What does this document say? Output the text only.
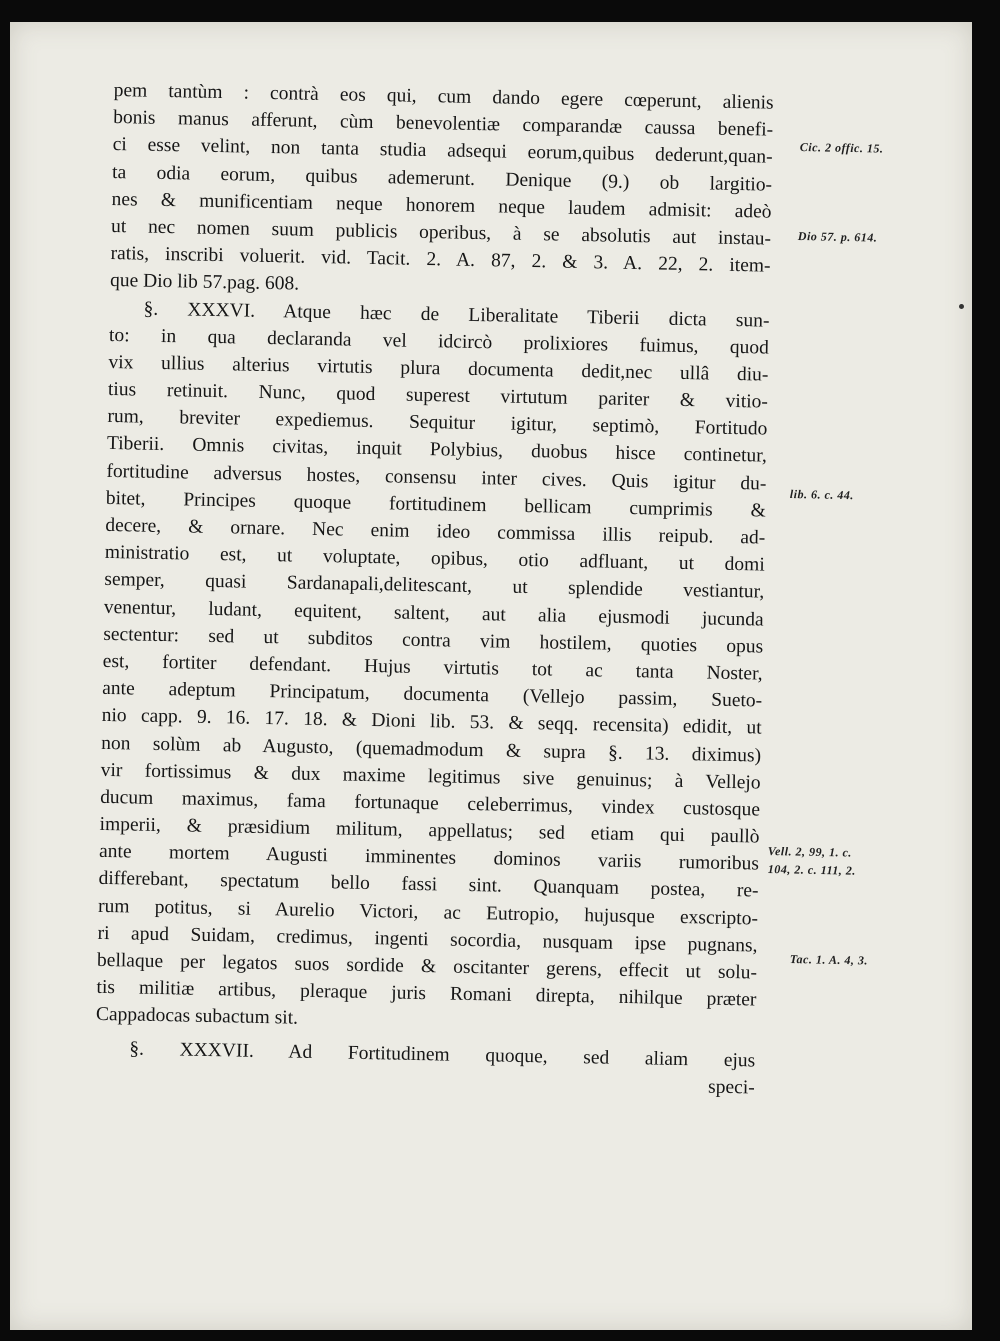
pem tantùm : contrà eos qui, cum dando egere cœperunt, alienis
bonis manus afferunt, cùm benevolentiæ comparandæ caussa benefi-
ci esse velint, non tanta studia adsequi eorum,quibus dederunt,quan-
ta odia eorum, quibus ademerunt. Denique (9.) ob largitio-
nes & munificentiam neque honorem neque laudem admisit: adeò
ut nec nomen suum publicis operibus, à se absolutis aut instau-
ratis, inscribi voluerit. vid. Tacit. 2. A. 87, 2. & 3. A. 22, 2. item-
que Dio lib 57.pag. 608.
§. XXXVI. Atque hæc de Liberalitate Tiberii dicta sun-
to: in qua declaranda vel idcircò prolixiores fuimus, quod
vix ullius alterius virtutis plura documenta dedit,nec ullâ diu-
tius retinuit. Nunc, quod superest virtutum pariter & vitio-
rum, breviter expediemus. Sequitur igitur, septimò, Fortitudo
Tiberii. Omnis civitas, inquit Polybius, duobus hisce continetur,
fortitudine adversus hostes, consensu inter cives. Quis igitur du-
bitet, Principes quoque fortitudinem bellicam cumprimis &
decere, & ornare. Nec enim ideo commissa illis reipub. ad-
ministratio est, ut voluptate, opibus, otio adfluant, ut domi
semper, quasi Sardanapali,delitescant, ut splendide vestiantur,
venentur, ludant, equitent, saltent, aut alia ejusmodi jucunda
sectentur: sed ut subditos contra vim hostilem, quoties opus
est, fortiter defendant. Hujus virtutis tot ac tanta Noster,
ante adeptum Principatum, documenta (Vellejo passim, Sueto-
nio capp. 9. 16. 17. 18. & Dioni lib. 53. & seqq. recensita) edidit, ut
non solùm ab Augusto, (quemadmodum & supra §. 13. diximus)
vir fortissimus & dux maxime legitimus sive genuinus; à Vellejo
ducum maximus, fama fortunaque celeberrimus, vindex custosque
imperii, & præsidium militum, appellatus; sed etiam qui paullò
ante mortem Augusti imminentes dominos variis rumoribus
differebant, spectatum bello fassi sint. Quanquam postea, re-
rum potitus, si Aurelio Victori, ac Eutropio, hujusque exscripto-
ri apud Suidam, credimus, ingenti socordia, nusquam ipse pugnans,
bellaque per legatos suos sordide & oscitanter gerens, effecit ut solu-
tis militiæ artibus, pleraque juris Romani direpta, nihilque præter
Cappadocas subactum sit.
§. XXXVII. Ad Fortitudinem quoque, sed aliam ejus
speci-
Cic. 2 offic. 15.
Dio 57. p. 614.
lib. 6. c. 44.
Vell. 2, 99, 1. c.
104, 2. c. 111, 2.
Tac. 1. A. 4, 3.
